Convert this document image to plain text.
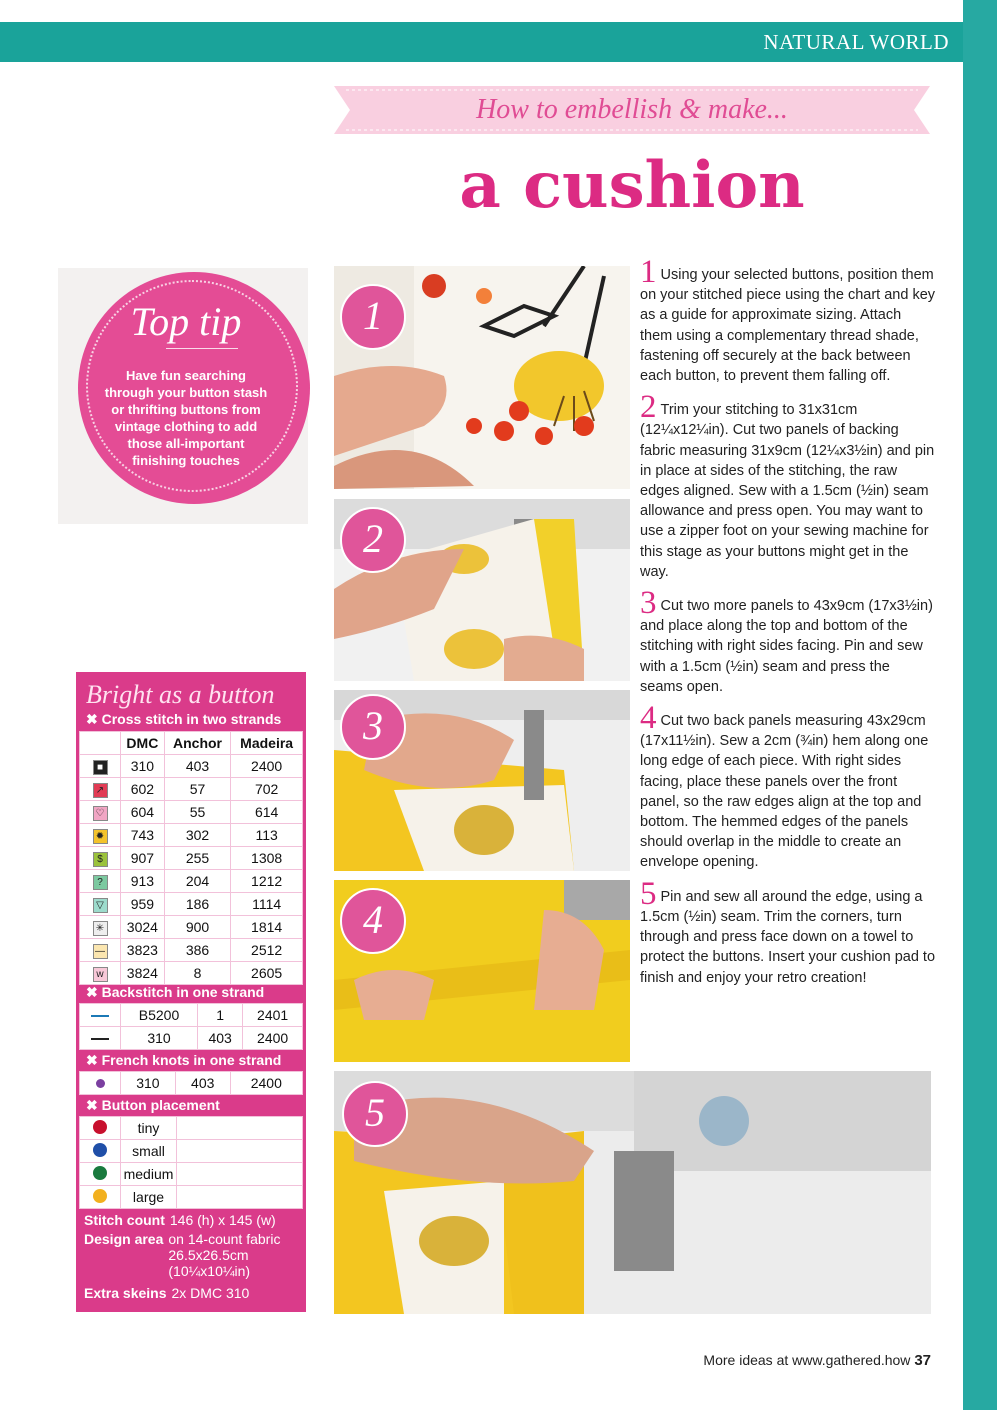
NATURAL WORLD
How to embellish & make...
a cushion
Top tip
Have fun searching through your button stash or thrifting buttons from vintage clothing to add those all-important finishing touches
Bright as a button
✖ Cross stitch in two strands
	DMC	Anchor	Madeira
■	310	403	2400
↗	602	57	702
♡	604	55	614
✹	743	302	113
$	907	255	1308
?	913	204	1212
▽	959	186	1114
✳	3024	900	1814
—	3823	386	2512
w	3824	8	2605
✖ Backstitch in one strand
	B5200	1	2401
	310	403	2400
✖ French knots in one strand
	310	403	2400
✖ Button placement
	tiny	
	small	
	medium	
	large	
Stitch count 146 (h) x 145 (w)
Design area on 14-count fabric 26.5x26.5cm (10¼x10¼in)
Extra skeins 2x DMC 310
1
2
3
4
5
1 Using your selected buttons, position them on your stitched piece using the chart and key as a guide for approximate sizing. Attach them using a complementary thread shade, fastening off securely at the back between each button, to prevent them falling off.
2 Trim your stitching to 31x31cm (12¼x12¼in). Cut two panels of backing fabric measuring 31x9cm (12¼x3½in) and pin in place at sides of the stitching, the raw edges aligned. Sew with a 1.5cm (½in) seam allowance and press open. You may want to use a zipper foot on your sewing machine for this stage as your buttons might get in the way.
3 Cut two more panels to 43x9cm (17x3½in) and place along the top and bottom of the stitching with right sides facing. Pin and sew with a 1.5cm (½in) seam and press the seams open.
4 Cut two back panels measuring 43x29cm (17x11½in). Sew a 2cm (¾in) hem along one long edge of each piece. With right sides facing, place these panels over the front panel, so the raw edges align at the top and bottom. The hemmed edges of the panels should overlap in the middle to create an envelope opening.
5 Pin and sew all around the edge, using a 1.5cm (½in) seam. Trim the corners, turn through and press face down on a towel to protect the buttons. Insert your cushion pad to finish and enjoy your retro creation!
More ideas at www.gathered.how 37
